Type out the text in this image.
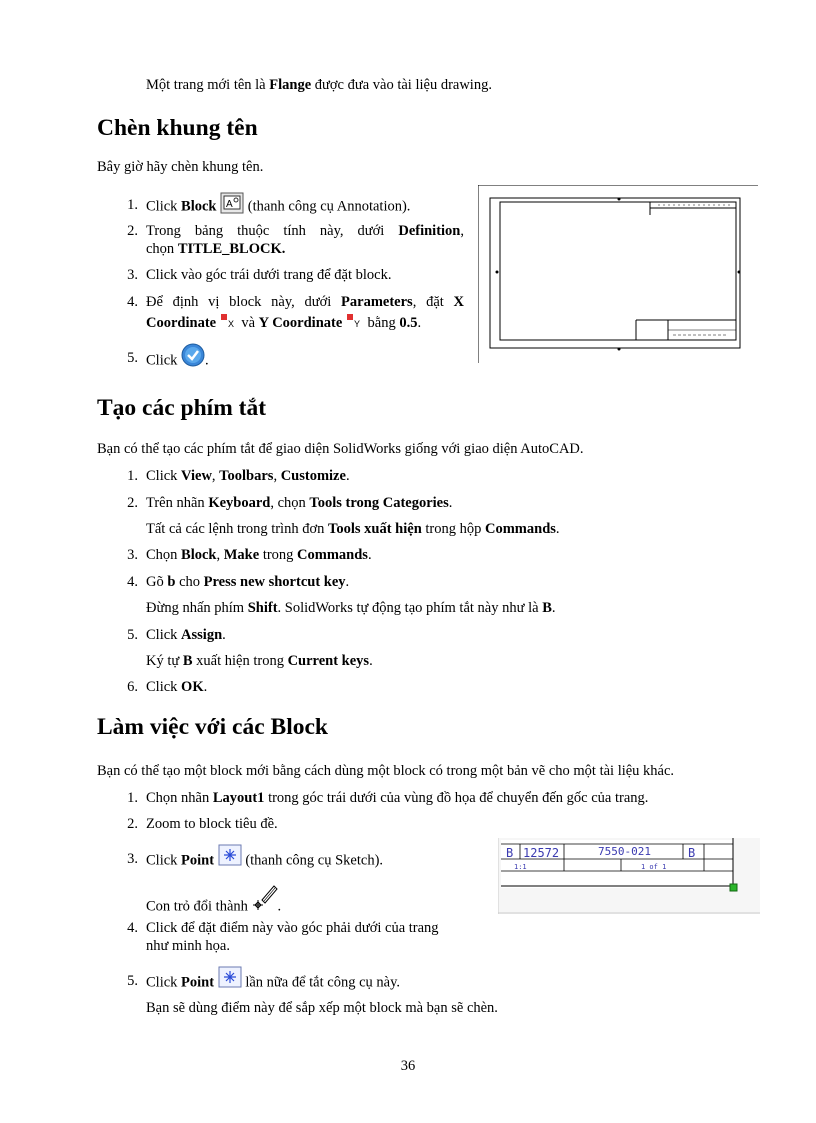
Một trang mới tên là Flange được đưa vào tài liệu drawing.
Chèn khung tên
Bây giờ hãy chèn khung tên.
1. Click Block A (thanh công cụ Annotation).
2. Trong bảng thuộc tính này, dưới Definition,
chọn TITLE_BLOCK.
3. Click vào góc trái dưới trang để đặt block.
4. Để định vị block này, dưới Parameters, đặt X
Coordinate X và Y Coordinate Y bằng 0.5.
5. Click .
Tạo các phím tắt
Bạn có thể tạo các phím tắt để giao diện SolidWorks giống với giao diện AutoCAD.
1. Click View, Toolbars, Customize.
2. Trên nhãn Keyboard, chọn Tools trong Categories.
Tất cả các lệnh trong trình đơn Tools xuất hiện trong hộp Commands.
3. Chọn Block, Make trong Commands.
4. Gõ b cho Press new shortcut key.
Đừng nhấn phím Shift. SolidWorks tự động tạo phím tắt này như là B.
5. Click Assign.
Ký tự B xuất hiện trong Current keys.
6. Click OK.
Làm việc với các Block
Bạn có thể tạo một block mới bằng cách dùng một block có trong một bản vẽ cho một tài liệu khác.
1. Chọn nhãn Layout1 trong góc trái dưới của vùng đồ họa để chuyển đến gốc của trang.
2. Zoom to block tiêu đề.
3. Click Point  (thanh công cụ Sketch).
Con trỏ đổi thành .
4. Click để đặt điểm này vào góc phải dưới của trang
như minh họa.
5. Click Point  lần nữa để tắt công cụ này.
Bạn sẽ dùng điểm này để sắp xếp một block mà bạn sẽ chèn.
B 12572	7550-021	B
1:1	1 of 1
36
